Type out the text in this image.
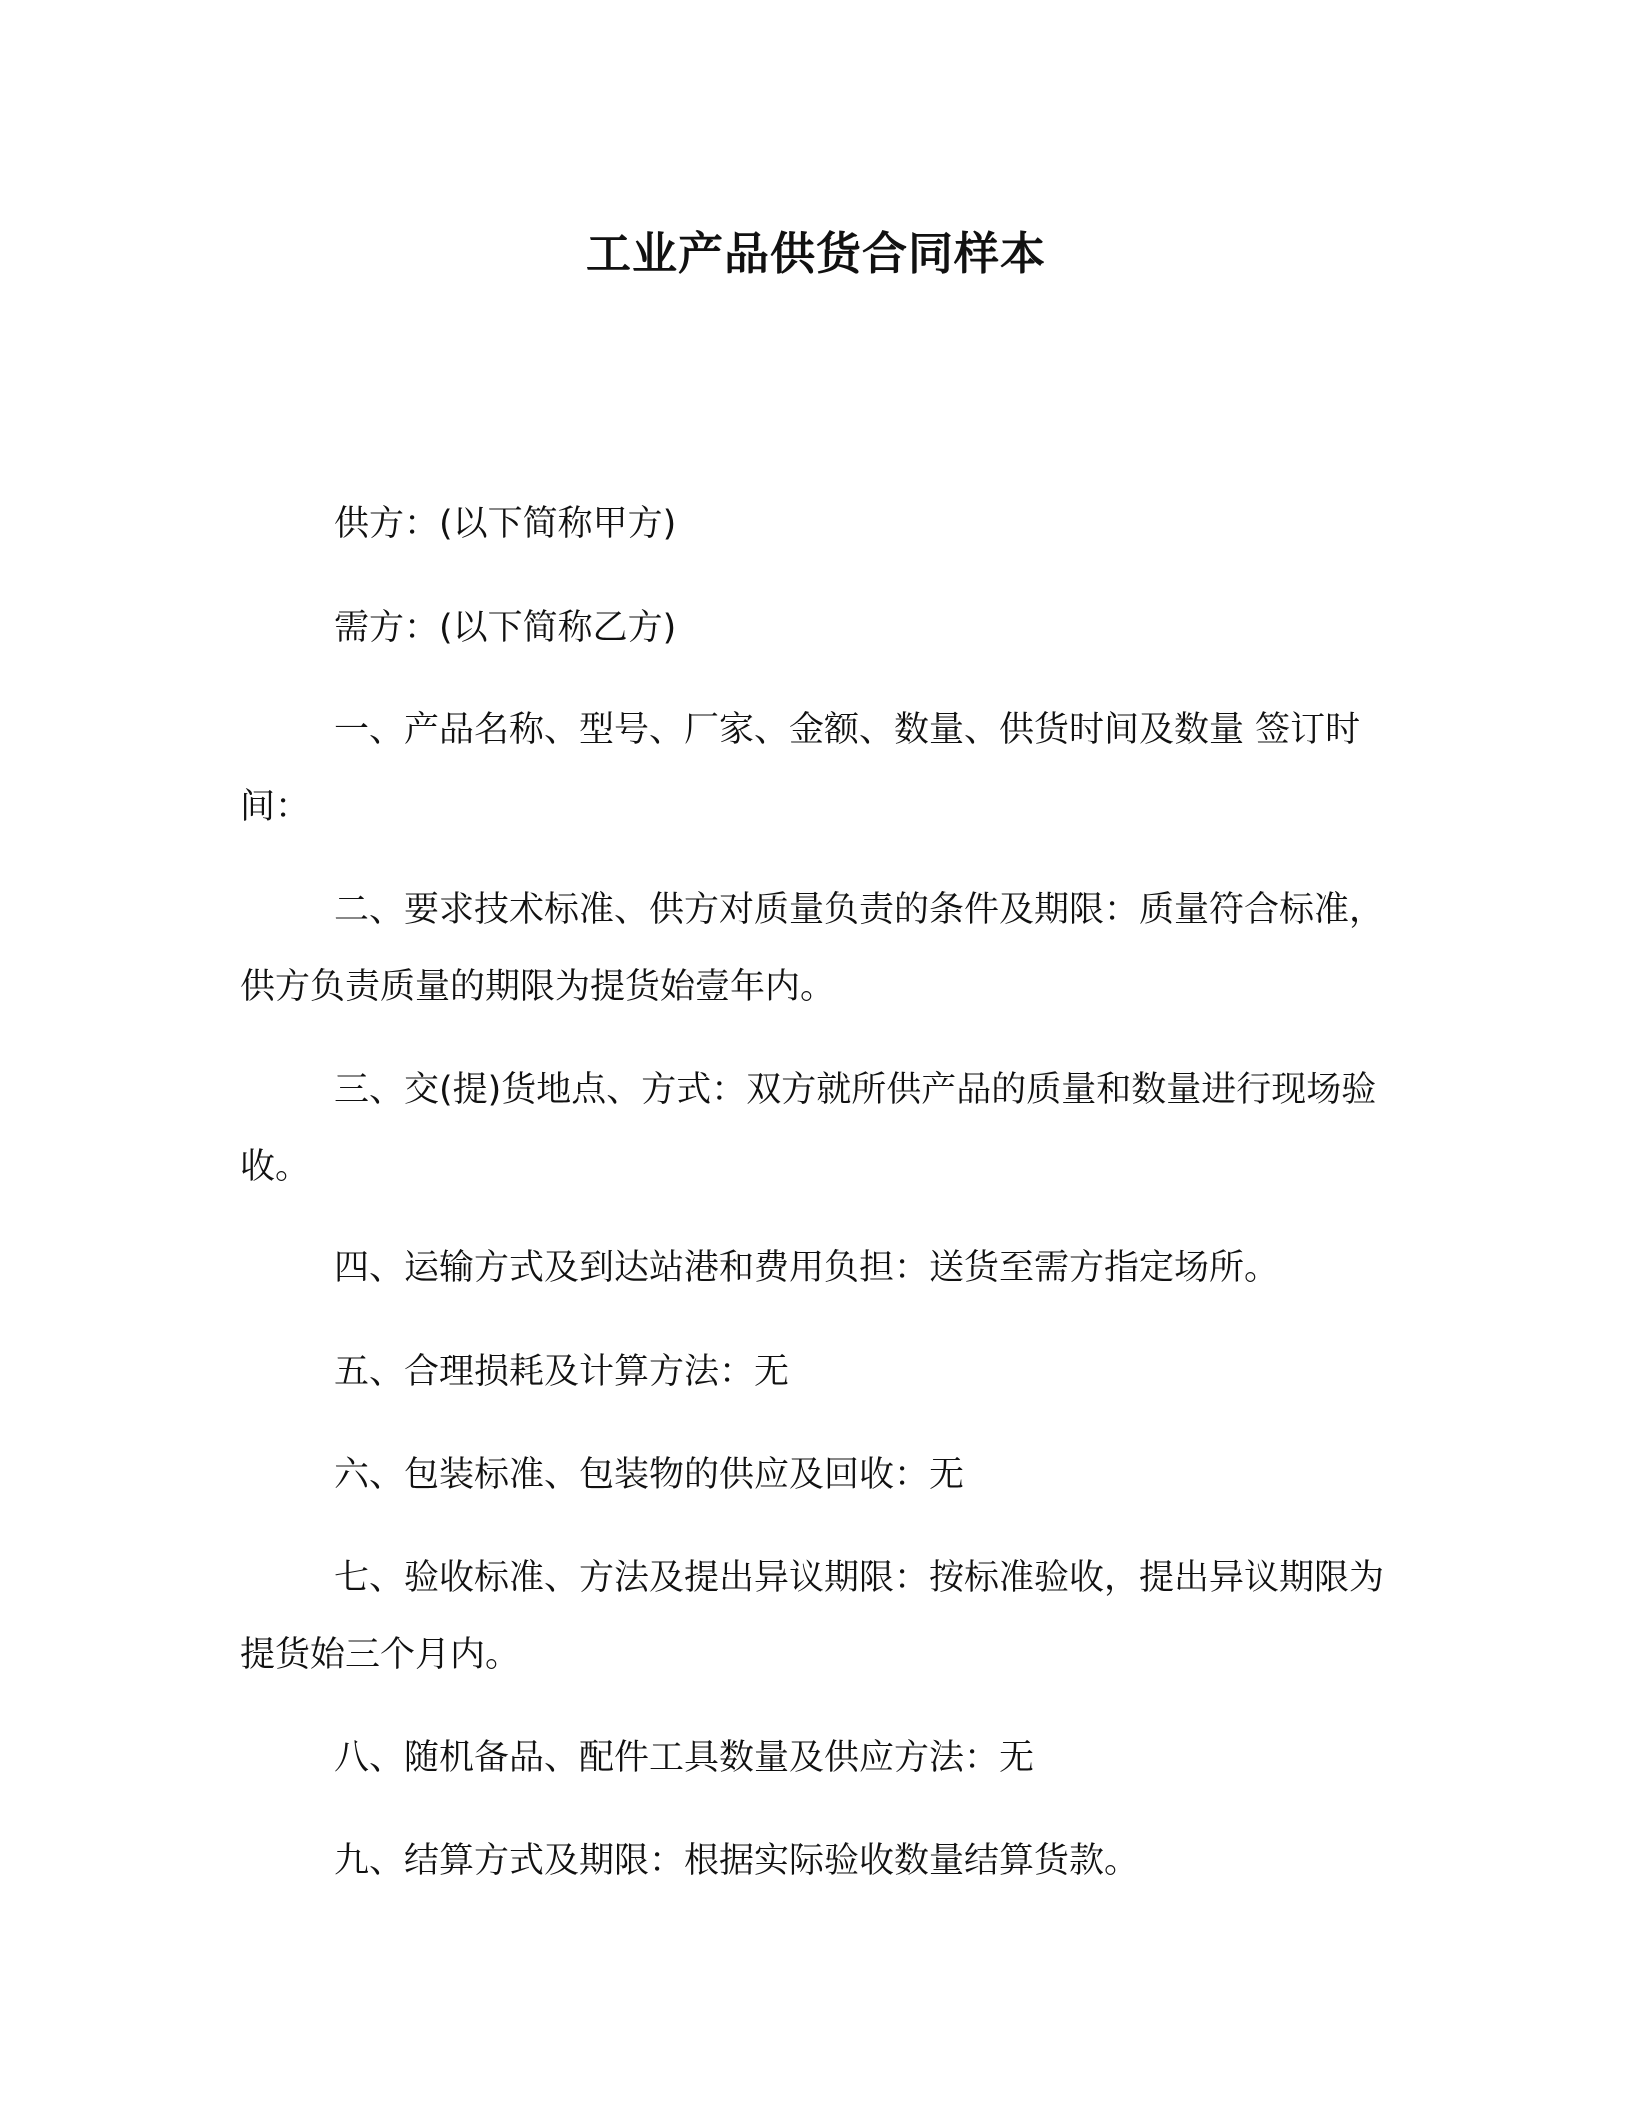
工业产品供货合同样本
供方：(以下简称甲方)
需方：(以下简称乙方)
一、产品名称、型号、厂家、金额、数量、供货时间及数量 签订时间：
二、要求技术标准、供方对质量负责的条件及期限：质量符合标准，供方负责质量的期限为提货始壹年内。
三、交(提)货地点、方式：双方就所供产品的质量和数量进行现场验收。
四、运输方式及到达站港和费用负担：送货至需方指定场所。
五、合理损耗及计算方法：无
六、包装标准、包装物的供应及回收：无
七、验收标准、方法及提出异议期限：按标准验收，提出异议期限为提货始三个月内。
八、随机备品、配件工具数量及供应方法：无
九、结算方式及期限：根据实际验收数量结算货款。
